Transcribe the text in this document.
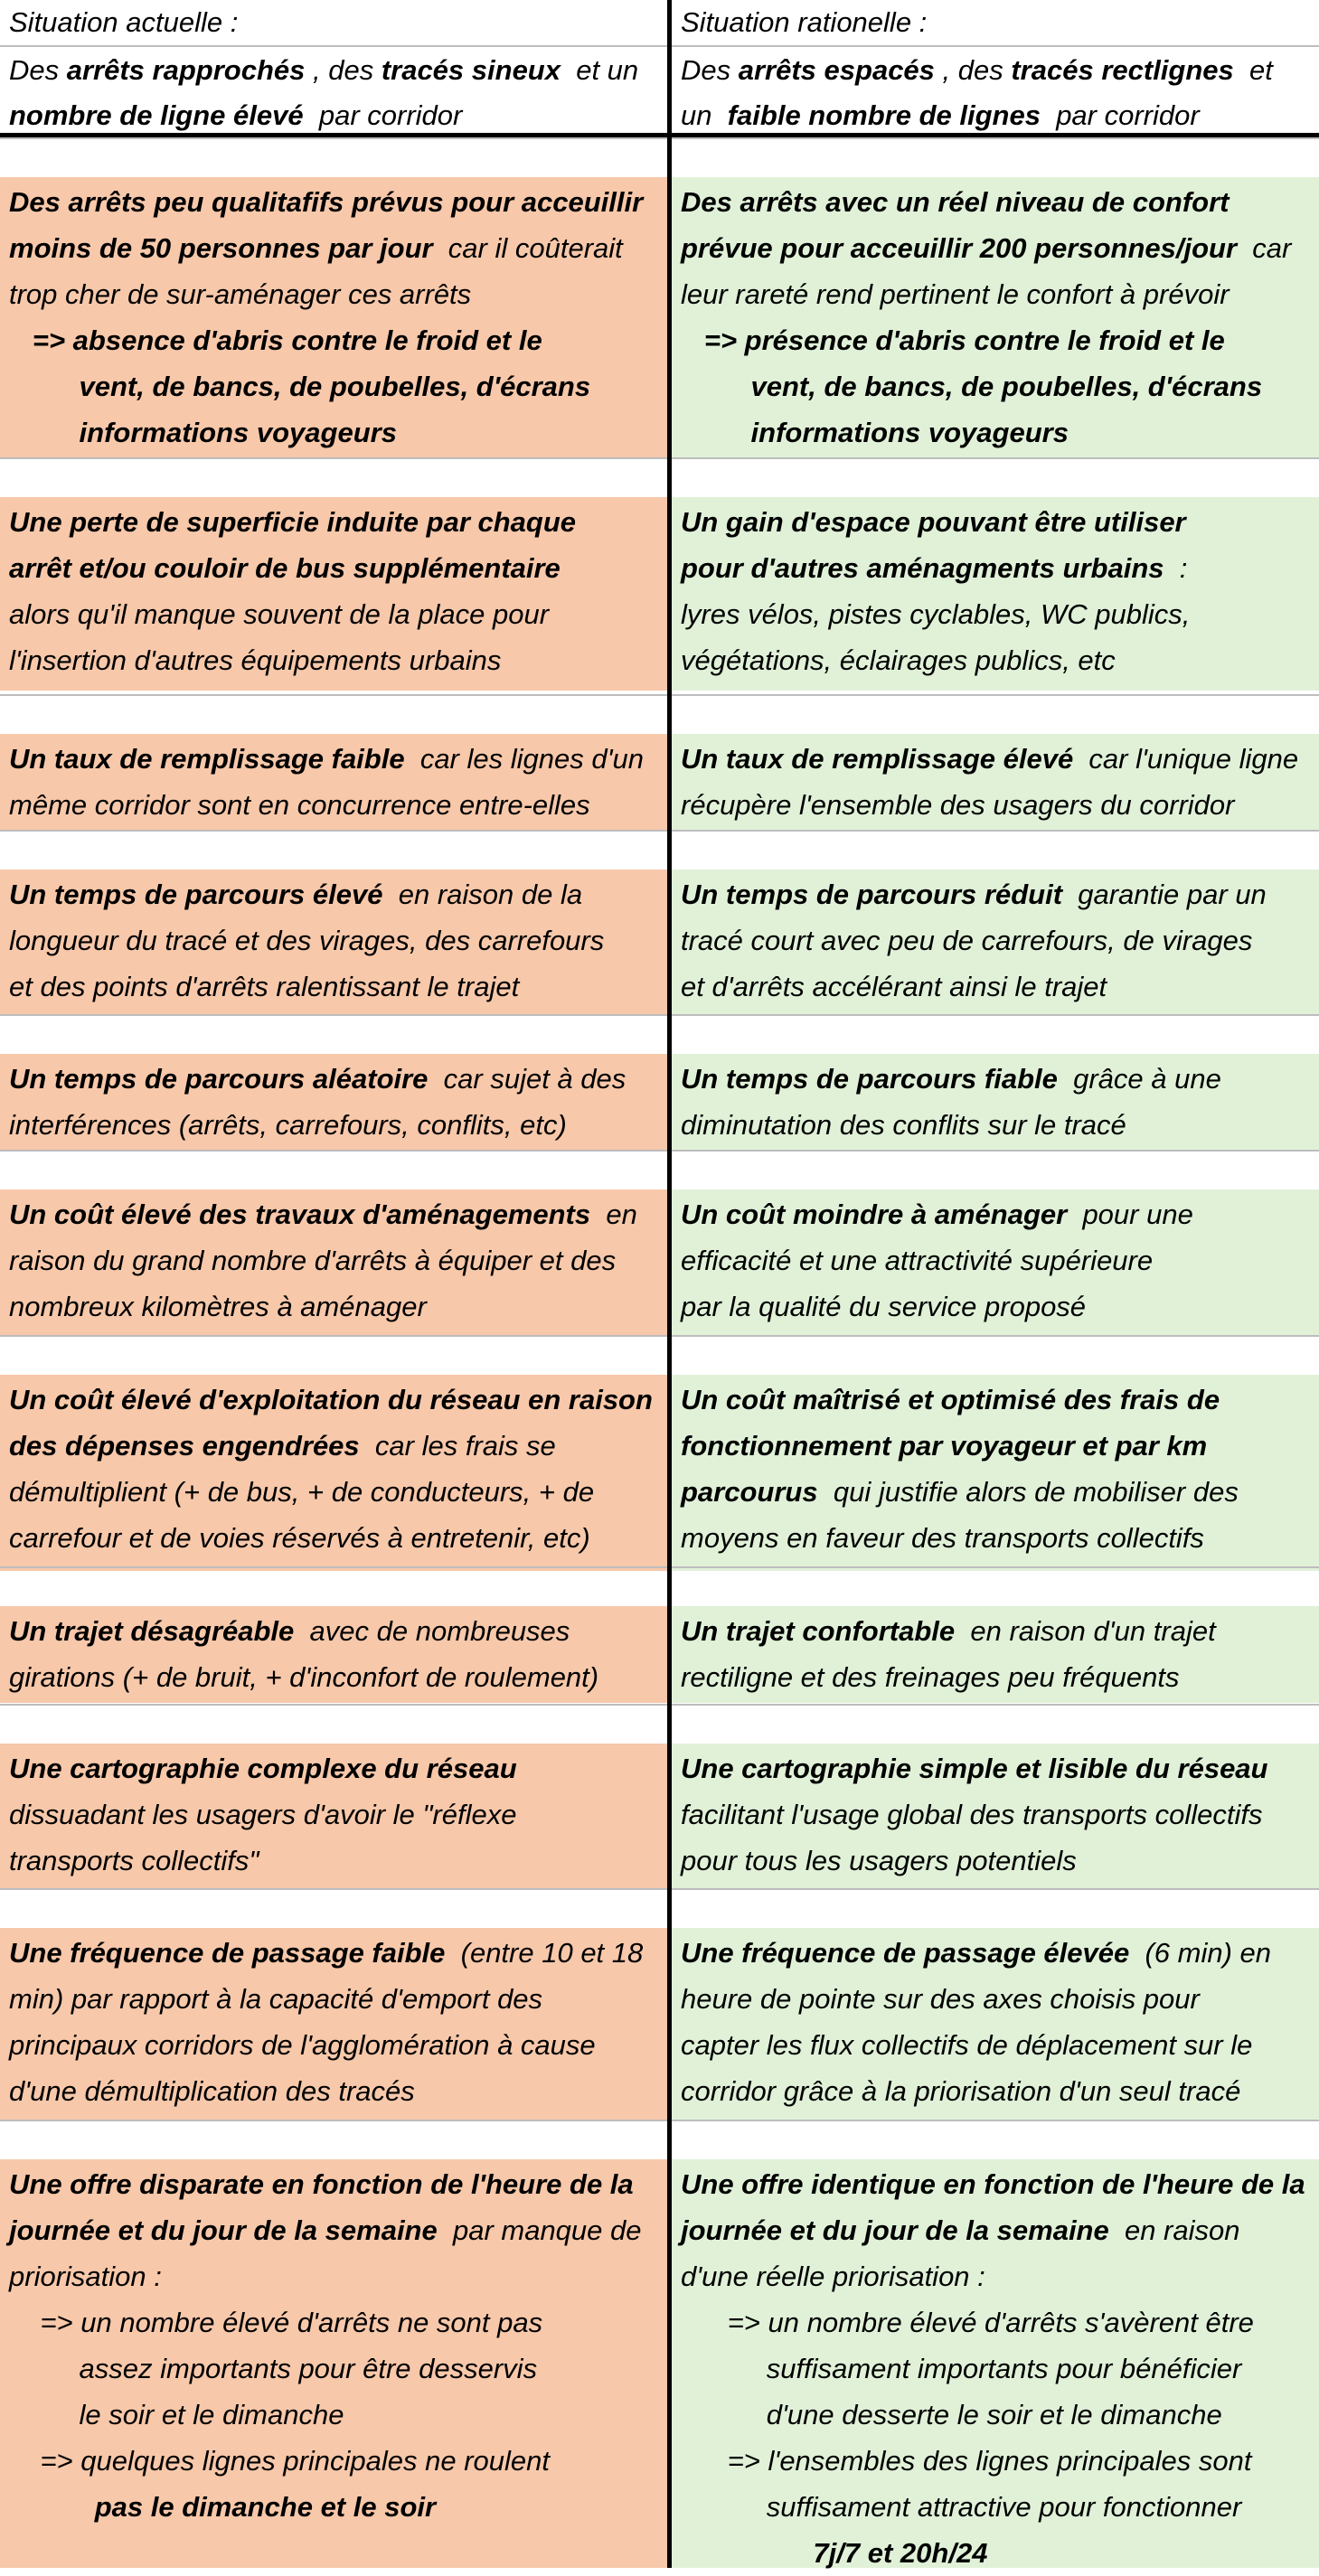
Situation actuelle :	Situation rationelle :
Des arrêts rapprochés , des tracés sineux  et un
nombre de ligne élevé  par corridor
Des arrêts espacés , des tracés rectlignes  et
un  faible nombre de lignes  par corridor
Des arrêts peu qualitafifs prévus pour acceuillir
moins de 50 personnes par jour  car il coûterait
trop cher de sur-aménager ces arrêts
=> absence d'abris contre le froid et le
vent, de bancs, de poubelles, d'écrans
informations voyageurs
Des arrêts avec un réel niveau de confort
prévue pour acceuillir 200 personnes/jour  car
leur rareté rend pertinent le confort à prévoir
=> présence d'abris contre le froid et le
vent, de bancs, de poubelles, d'écrans
informations voyageurs
Une perte de superficie induite par chaque
arrêt et/ou couloir de bus supplémentaire
alors qu'il manque souvent de la place pour
l'insertion d'autres équipements urbains
Un gain d'espace pouvant être utiliser
pour d'autres aménagments urbains  :
lyres vélos, pistes cyclables, WC publics,
végétations, éclairages publics, etc
Un taux de remplissage faible  car les lignes d'un
même corridor sont en concurrence entre-elles
Un taux de remplissage élevé  car l'unique ligne
récupère l'ensemble des usagers du corridor
Un temps de parcours élevé  en raison de la
longueur du tracé et des virages, des carrefours
et des points d'arrêts ralentissant le trajet
Un temps de parcours réduit  garantie par un
tracé court avec peu de carrefours, de virages
et d'arrêts accélérant ainsi le trajet
Un temps de parcours aléatoire  car sujet à des
interférences (arrêts, carrefours, conflits, etc)
Un temps de parcours fiable  grâce à une
diminutation des conflits sur le tracé
Un coût élevé des travaux d'aménagements  en
raison du grand nombre d'arrêts à équiper et des
nombreux kilomètres à aménager
Un coût moindre à aménager  pour une
efficacité et une attractivité supérieure
par la qualité du service proposé
Un coût élevé d'exploitation du réseau en raison
des dépenses engendrées  car les frais se
démultiplient (+ de bus, + de conducteurs, + de
carrefour et de voies réservés à entretenir, etc)
Un coût maîtrisé et optimisé des frais de
fonctionnement par voyageur et par km
parcourus  qui justifie alors de mobiliser des
moyens en faveur des transports collectifs
Un trajet désagréable  avec de nombreuses
girations (+ de bruit, + d'inconfort de roulement)
Un trajet confortable  en raison d'un trajet
rectiligne et des freinages peu fréquents
Une cartographie complexe du réseau
dissuadant les usagers d'avoir le "réflexe
transports collectifs"
Une cartographie simple et lisible du réseau
facilitant l'usage global des transports collectifs
pour tous les usagers potentiels
Une fréquence de passage faible  (entre 10 et 18
min) par rapport à la capacité d'emport des
principaux corridors de l'agglomération à cause
d'une démultiplication des tracés
Une fréquence de passage élevée  (6 min) en
heure de pointe sur des axes choisis pour
capter les flux collectifs de déplacement sur le
corridor grâce à la priorisation d'un seul tracé
Une offre disparate en fonction de l'heure de la
journée et du jour de la semaine  par manque de
priorisation :
=> un nombre élevé d'arrêts ne sont pas
assez importants pour être desservis
le soir et le dimanche
=> quelques lignes principales ne roulent
pas le dimanche et le soir
Une offre identique en fonction de l'heure de la
journée et du jour de la semaine  en raison
d'une réelle priorisation :
=> un nombre élevé d'arrêts s'avèrent être
suffisament importants pour bénéficier
d'une desserte le soir et le dimanche
=> l'ensembles des lignes principales sont
suffisament attractive pour fonctionner
7j/7 et 20h/24
